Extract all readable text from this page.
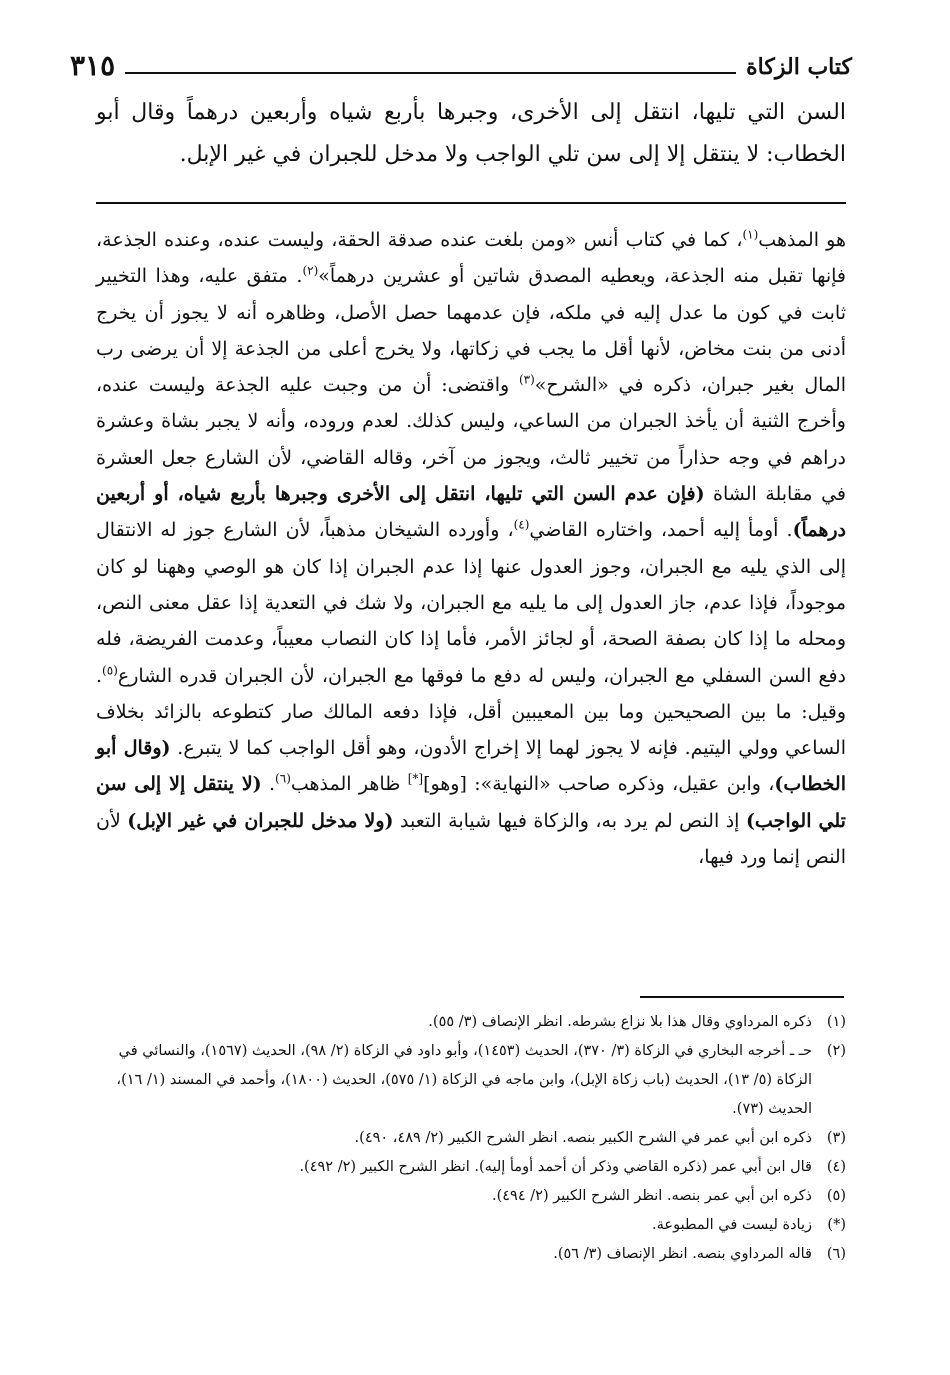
٣١٥	كتاب الزكاة
السن التي تليها، انتقل إلى الأخرى، وجبرها بأربع شياه وأربعين درهماً وقال أبو الخطاب: لا ينتقل إلا إلى سن تلي الواجب ولا مدخل للجبران في غير الإبل.

هو المذهب$^{(١)}$، كما في كتاب أنس «ومن بلغت عنده صدقة الحقة، وليست عنده، وعنده الجذعة، فإنها تقبل منه الجذعة، ويعطيه المصدق شاتين أو عشرين درهماً»$^{(٢)}$. متفق عليه، وهذا التخيير ثابت في كون ما عدل إليه في ملكه، فإن عدمهما حصل الأصل، وظاهره أنه لا يجوز أن يخرج أدنى من بنت مخاض، لأنها أقل ما يجب في زكاتها، ولا يخرج أعلى من الجذعة إلا أن يرضى رب المال بغير جبران، ذكره في «الشرح»$^{(٣)}$ واقتضى: أن من وجبت عليه الجذعة وليست عنده، وأخرج الثنية أن يأخذ الجبران من الساعي، وليس كذلك. لعدم وروده، وأنه لا يجبر بشاة وعشرة دراهم في وجه حذاراً من تخيير ثالث، ويجوز من آخر، وقاله القاضي، لأن الشارع جعل العشرة في مقابلة الشاة (فإن عدم السن التي تليها، انتقل إلى الأخرى وجبرها بأربع شياه، أو أربعين درهماً). أومأ إليه أحمد، واختاره القاضي$^{(٤)}$، وأورده الشيخان مذهباً، لأن الشارع جوز له الانتقال إلى الذي يليه مع الجبران، وجوز العدول عنها إذا عدم الجبران إذا كان هو الوصي وههنا لو كان موجوداً، فإذا عدم، جاز العدول إلى ما يليه مع الجبران، ولا شك في التعدية إذا عقل معنى النص، ومحله ما إذا كان بصفة الصحة، أو لجائز الأمر، فأما إذا كان النصاب معيباً، وعدمت الفريضة، فله دفع السن السفلي مع الجبران، وليس له دفع ما فوقها مع الجبران، لأن الجبران قدره الشارع$^{(٥)}$. وقيل: ما بين الصحيحين وما بين المعيبين أقل، فإذا دفعه المالك صار كتطوعه بالزائد بخلاف الساعي وولي اليتيم. فإنه لا يجوز لهما إلا إخراج الأدون، وهو أقل الواجب كما لا يتبرع. (وقال أبو الخطاب)، وابن عقيل، وذكره صاحب «النهاية»: [وهو][*] ظاهر المذهب$^{(٦)}$. (لا ينتقل إلا إلى سن تلي الواجب) إذ النص لم يرد به، والزكاة فيها شيابة التعبد (ولا مدخل للجبران في غير الإبل) لأن النص إنما ورد فيها،

(١)
ذكره المرداوي وقال هذا بلا نزاع بشرطه. انظر الإنصاف (٣/ ٥٥).
(٢)
حـ ـ أخرجه البخاري في الزكاة (٣/ ٣٧٠)، الحديث (١٤٥٣)، وأبو داود في الزكاة (٢/ ٩٨)، الحديث (١٥٦٧)، والنسائي في الزكاة (٥/ ١٣)، الحديث (باب زكاة الإبل)، وابن ماجه في الزكاة (١/ ٥٧٥)، الحديث (١٨٠٠)، وأحمد في المسند (١/ ١٦)، الحديث (٧٣).
(٣)
ذكره ابن أبي عمر في الشرح الكبير بنصه. انظر الشرح الكبير (٢/ ٤٨٩، ٤٩٠).
(٤)
قال ابن أبي عمر (ذكره القاضي وذكر أن أحمد أومأ إليه). انظر الشرح الكبير (٢/ ٤٩٢).
(٥)
ذكره ابن أبي عمر بنصه. انظر الشرح الكبير (٢/ ٤٩٤).
(*)
زيادة ليست في المطبوعة.
(٦)
قاله المرداوي بنصه. انظر الإنصاف (٣/ ٥٦).
